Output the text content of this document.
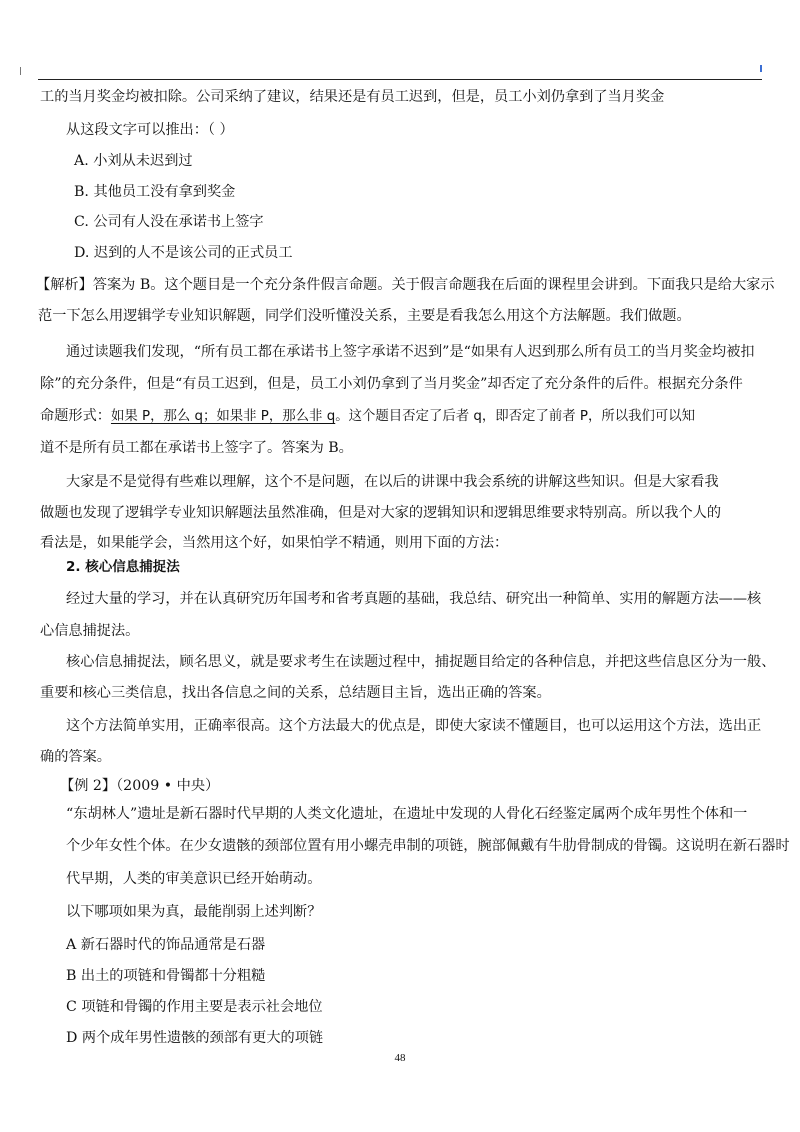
工的当月奖金均被扣除。公司采纳了建议，结果还是有员工迟到，但是，员工小刘仍拿到了当月奖金
从这段文字可以推出：（ ）
A. 小刘从未迟到过
B. 其他员工没有拿到奖金
C. 公司有人没在承诺书上签字
D. 迟到的人不是该公司的正式员工
【解析】答案为 B。这个题目是一个充分条件假言命题。关于假言命题我在后面的课程里会讲到。下面我只是给大家示
范一下怎么用逻辑学专业知识解题，同学们没听懂没关系，主要是看我怎么用这个方法解题。我们做题。
通过读题我们发现，“所有员工都在承诺书上签字承诺不迟到”是“如果有人迟到那么所有员工的当月奖金均被扣
除”的充分条件，但是“有员工迟到，但是，员工小刘仍拿到了当月奖金”却否定了充分条件的后件。根据充分条件
命题形式：如果 P，那么 q；如果非 P，那么非 q。这个题目否定了后者 q，即否定了前者 P，所以我们可以知
道不是所有员工都在承诺书上签字了。答案为 B。
大家是不是觉得有些难以理解，这个不是问题，在以后的讲课中我会系统的讲解这些知识。但是大家看我
做题也发现了逻辑学专业知识解题法虽然准确，但是对大家的逻辑知识和逻辑思维要求特别高。所以我个人的
看法是，如果能学会，当然用这个好，如果怕学不精通，则用下面的方法：
2. 核心信息捕捉法
经过大量的学习，并在认真研究历年国考和省考真题的基础，我总结、研究出一种简单、实用的解题方法——核
心信息捕捉法。
核心信息捕捉法，顾名思义，就是要求考生在读题过程中，捕捉题目给定的各种信息，并把这些信息区分为一般、
重要和核心三类信息，找出各信息之间的关系，总结题目主旨，选出正确的答案。
这个方法简单实用，正确率很高。这个方法最大的优点是，即使大家读不懂题目，也可以运用这个方法，选出正
确的答案。
【例 2】（2009 • 中央）
“东胡林人”遗址是新石器时代早期的人类文化遗址，在遗址中发现的人骨化石经鉴定属两个成年男性个体和一
个少年女性个体。在少女遗骸的颈部位置有用小螺壳串制的项链，腕部佩戴有牛肋骨制成的骨镯。这说明在新石器时
代早期，人类的审美意识已经开始萌动。
以下哪项如果为真，最能削弱上述判断？
A 新石器时代的饰品通常是石器
B 出土的项链和骨镯都十分粗糙
C 项链和骨镯的作用主要是表示社会地位
D 两个成年男性遗骸的颈部有更大的项链
48
